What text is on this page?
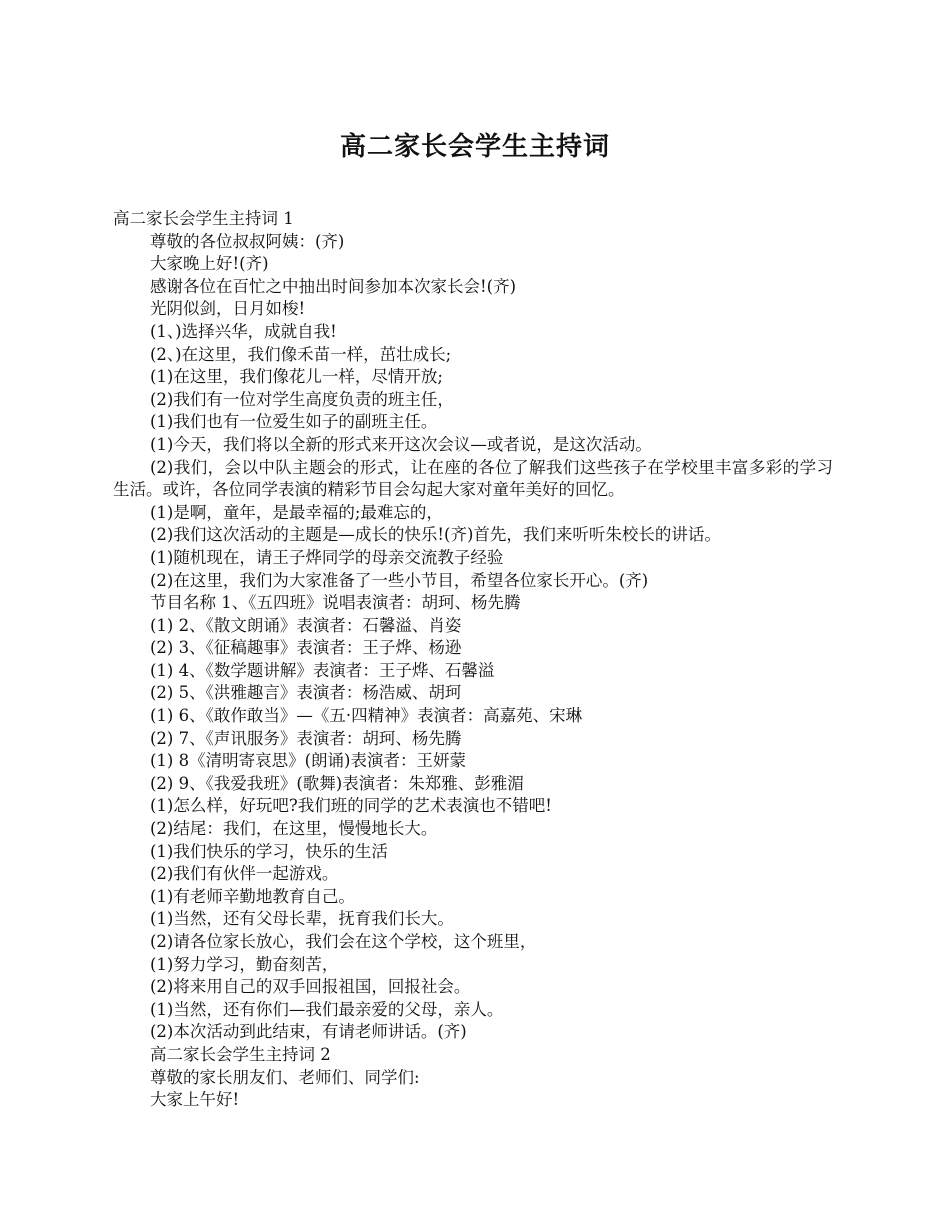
高二家长会学生主持词

高二家长会学生主持词 1

尊敬的各位叔叔阿姨：(齐)

大家晚上好!(齐)

感谢各位在百忙之中抽出时间参加本次家长会!(齐)

光阴似剑，日月如梭!

(1、)选择兴华，成就自我!

(2、)在这里，我们像禾苗一样，茁壮成长;

(1)在这里，我们像花儿一样，尽情开放;

(2)我们有一位对学生高度负责的班主任，

(1)我们也有一位爱生如子的副班主任。

(1)今天，我们将以全新的形式来开这次会议—或者说，是这次活动。

(2)我们，会以中队主题会的形式，让在座的各位了解我们这些孩子在学校里丰富多彩的学习生活。或许，各位同学表演的精彩节目会勾起大家对童年美好的回忆。

(1)是啊，童年，是最幸福的;最难忘的，

(2)我们这次活动的主题是—成长的快乐!(齐)首先，我们来听听朱校长的讲话。

(1)随机现在，请王子烨同学的母亲交流教子经验

(2)在这里，我们为大家准备了一些小节目，希望各位家长开心。(齐)

节目名称 1、《五四班》说唱表演者：胡珂、杨先腾

(1) 2、《散文朗诵》表演者：石馨溢、肖姿

(2) 3、《征稿趣事》表演者：王子烨、杨逊

(1) 4、《数学题讲解》表演者：王子烨、石馨溢

(2) 5、《洪雅趣言》表演者：杨浩威、胡珂

(1) 6、《敢作敢当》—《五·四精神》表演者：高嘉苑、宋琳

(2) 7、《声讯服务》表演者：胡珂、杨先腾

(1) 8《清明寄哀思》(朗诵)表演者：王妍蒙

(2) 9、《我爱我班》(歌舞)表演者：朱郑雅、彭雅湄

(1)怎么样，好玩吧?我们班的同学的艺术表演也不错吧!

(2)结尾：我们，在这里，慢慢地长大。

(1)我们快乐的学习，快乐的生活

(2)我们有伙伴一起游戏。

(1)有老师辛勤地教育自己。

(1)当然，还有父母长辈，抚育我们长大。

(2)请各位家长放心，我们会在这个学校，这个班里，

(1)努力学习，勤奋刻苦，

(2)将来用自己的双手回报祖国，回报社会。

(1)当然，还有你们—我们最亲爱的父母，亲人。

(2)本次活动到此结束，有请老师讲话。(齐)

高二家长会学生主持词 2

尊敬的家长朋友们、老师们、同学们:

大家上午好!
